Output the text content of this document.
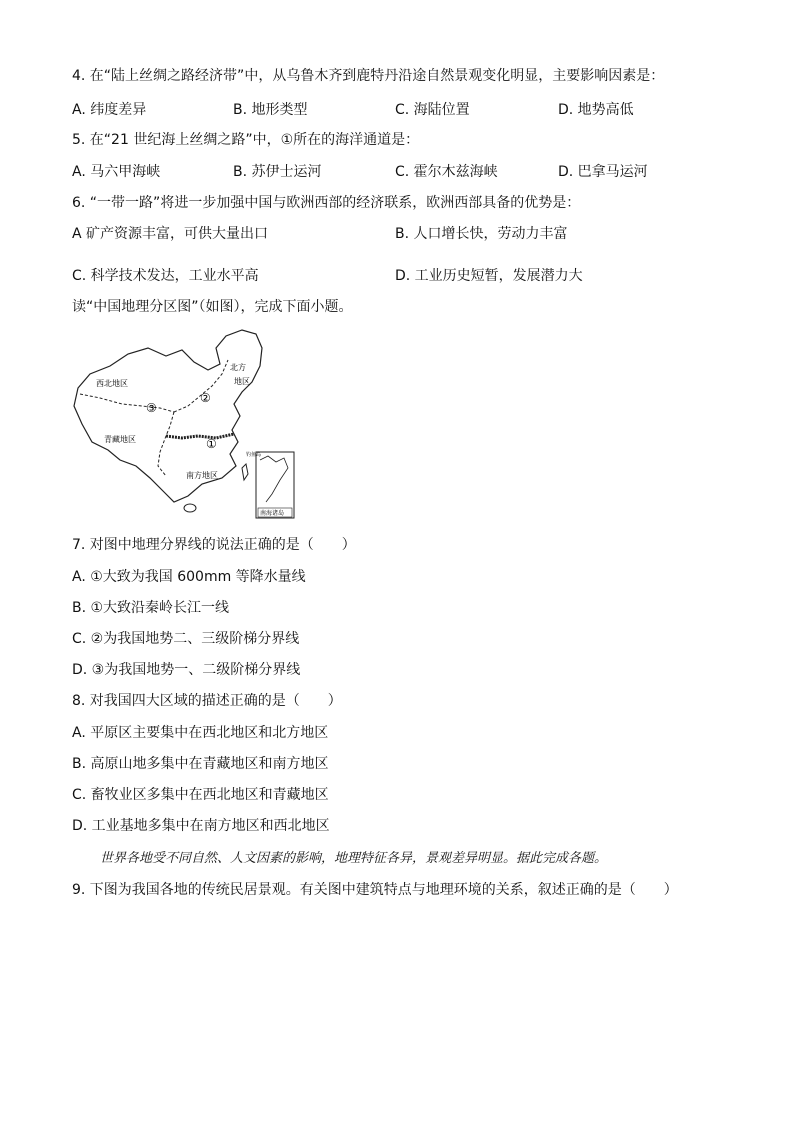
4. 在“陆上丝绸之路经济带”中，从乌鲁木齐到鹿特丹沿途自然景观变化明显，主要影响因素是：
A. 纬度差异	B. 地形类型	C. 海陆位置	D. 地势高低
5. 在“21 世纪海上丝绸之路”中，①所在的海洋通道是：
A. 马六甲海峡	B. 苏伊士运河	C. 霍尔木兹海峡	D. 巴拿马运河
6. “一带一路”将进一步加强中国与欧洲西部的经济联系，欧洲西部具备的优势是：
A 矿产资源丰富，可供大量出口	B. 人口增长快，劳动力丰富
C. 科学技术发达，工业水平高	D. 工业历史短暂，发展潜力大
读“中国地理分区图”（如图），完成下面小题。
西北地区
北方
地区
青藏地区
南方地区
③
②
①
南海诸岛
钓鱼岛
7. 对图中地理分界线的说法正确的是（　　）
A. ①大致为我国 600mm 等降水量线
B. ①大致沿秦岭长江一线
C. ②为我国地势二、三级阶梯分界线
D. ③为我国地势一、二级阶梯分界线
8. 对我国四大区域的描述正确的是（　　）
A. 平原区主要集中在西北地区和北方地区
B. 高原山地多集中在青藏地区和南方地区
C. 畜牧业区多集中在西北地区和青藏地区
D. 工业基地多集中在南方地区和西北地区
世界各地受不同自然、人文因素的影响，地理特征各异，景观差异明显。据此完成各题。
9. 下图为我国各地的传统民居景观。有关图中建筑特点与地理环境的关系，叙述正确的是（　　）
